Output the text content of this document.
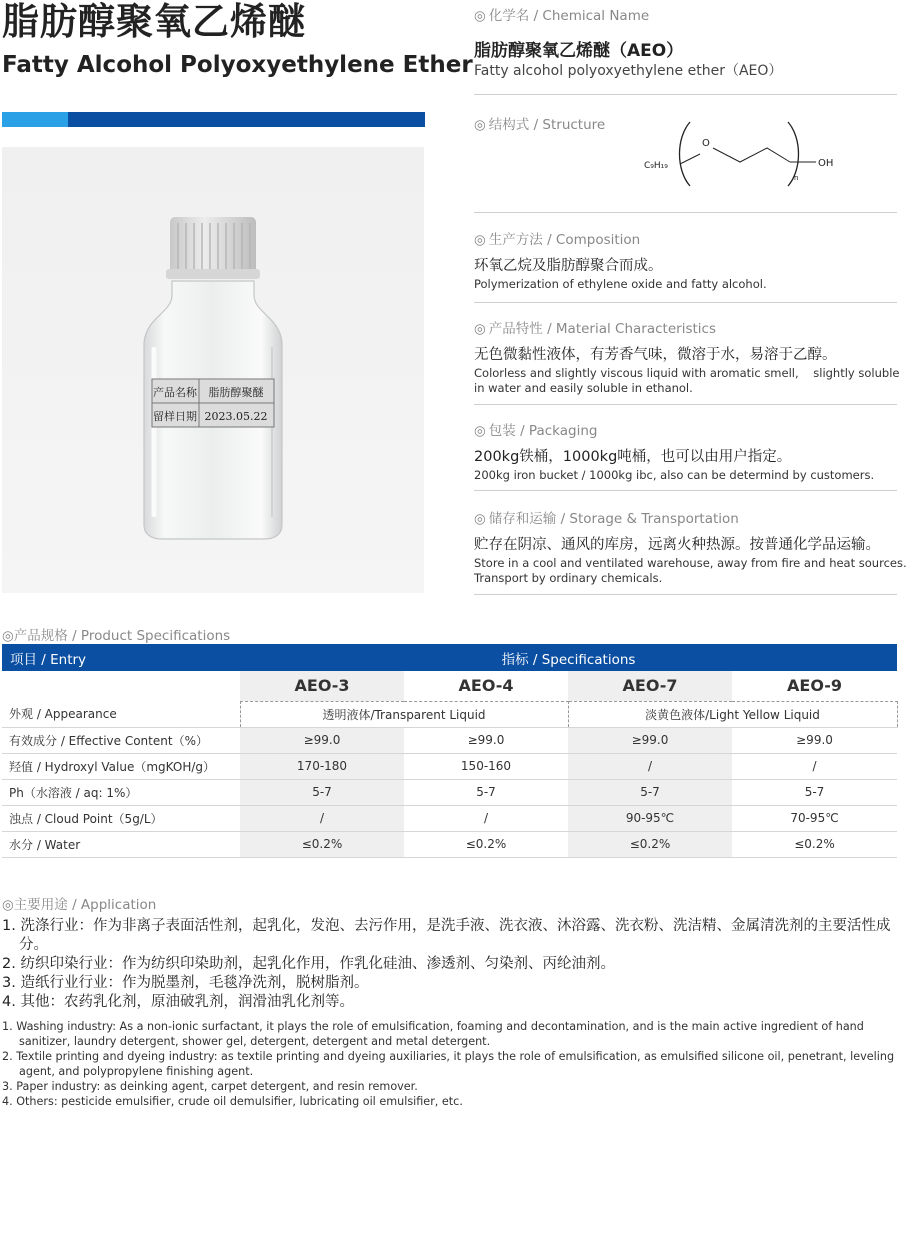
脂肪醇聚氧乙烯醚
Fatty Alcohol Polyoxyethylene Ether
产品名称 脂肪醇聚醚
留样日期 2023.05.22
◎ 化学名 / Chemical Name
脂肪醇聚氧乙烯醚（AEO）
Fatty alcohol polyoxyethylene ether（AEO）
◎ 结构式 / Structure
C₉H₁₉
O
OH
n
◎ 生产方法 / Composition
环氧乙烷及脂肪醇聚合而成。
Polymerization of ethylene oxide and fatty alcohol.
◎ 产品特性 / Material Characteristics
无色微黏性液体，有芳香气味，微溶于水，易溶于乙醇。
Colorless and slightly viscous liquid with aromatic smell,    slightly soluble in water and easily soluble in ethanol.
◎ 包装 / Packaging
200kg铁桶，1000kg吨桶，也可以由用户指定。
200kg iron bucket / 1000kg ibc, also can be determind by customers.
◎ 储存和运输 / Storage & Transportation
贮存在阴凉、通风的库房，远离火种热源。按普通化学品运输。
Store in a cool and ventilated warehouse, away from fire and heat sources. Transport by ordinary chemicals.
◎产品规格 / Product Specifications
项目 / Entry	指标 / Specifications			
	AEO-3	AEO-4	AEO-7	AEO-9
外观 / Appearance	透明液体/Transparent Liquid		淡黄色液体/Light Yellow Liquid	
有效成分 / Effective Content（%）	≥99.0	≥99.0	≥99.0	≥99.0
羟值 / Hydroxyl Value（mgKOH/g）	170-180	150-160	/	/
Ph（水溶液 / aq: 1%）	5-7	5-7	5-7	5-7
浊点 / Cloud Point（5g/L）	/	/	90-95℃	70-95℃
水分 / Water	≤0.2%	≤0.2%	≤0.2%	≤0.2%
◎主要用途 / Application
1. 洗涤行业：作为非离子表面活性剂，起乳化，发泡、去污作用，是洗手液、洗衣液、沐浴露、洗衣粉、洗洁精、金属清洗剂的主要活性成分。
2. 纺织印染行业：作为纺织印染助剂，起乳化作用，作乳化硅油、渗透剂、匀染剂、丙纶油剂。
3. 造纸行业行业：作为脱墨剂，毛毯净洗剂，脱树脂剂。
4. 其他：农药乳化剂，原油破乳剂，润滑油乳化剂等。
1. Washing industry: As a non-ionic surfactant, it plays the role of emulsification, foaming and decontamination, and is the main active ingredient of hand sanitizer, laundry detergent, shower gel, detergent, detergent and metal detergent.
2. Textile printing and dyeing industry: as textile printing and dyeing auxiliaries, it plays the role of emulsification, as emulsified silicone oil, penetrant, leveling agent, and polypropylene finishing agent.
3. Paper industry: as deinking agent, carpet detergent, and resin remover.
4. Others: pesticide emulsifier, crude oil demulsifier, lubricating oil emulsifier, etc.
